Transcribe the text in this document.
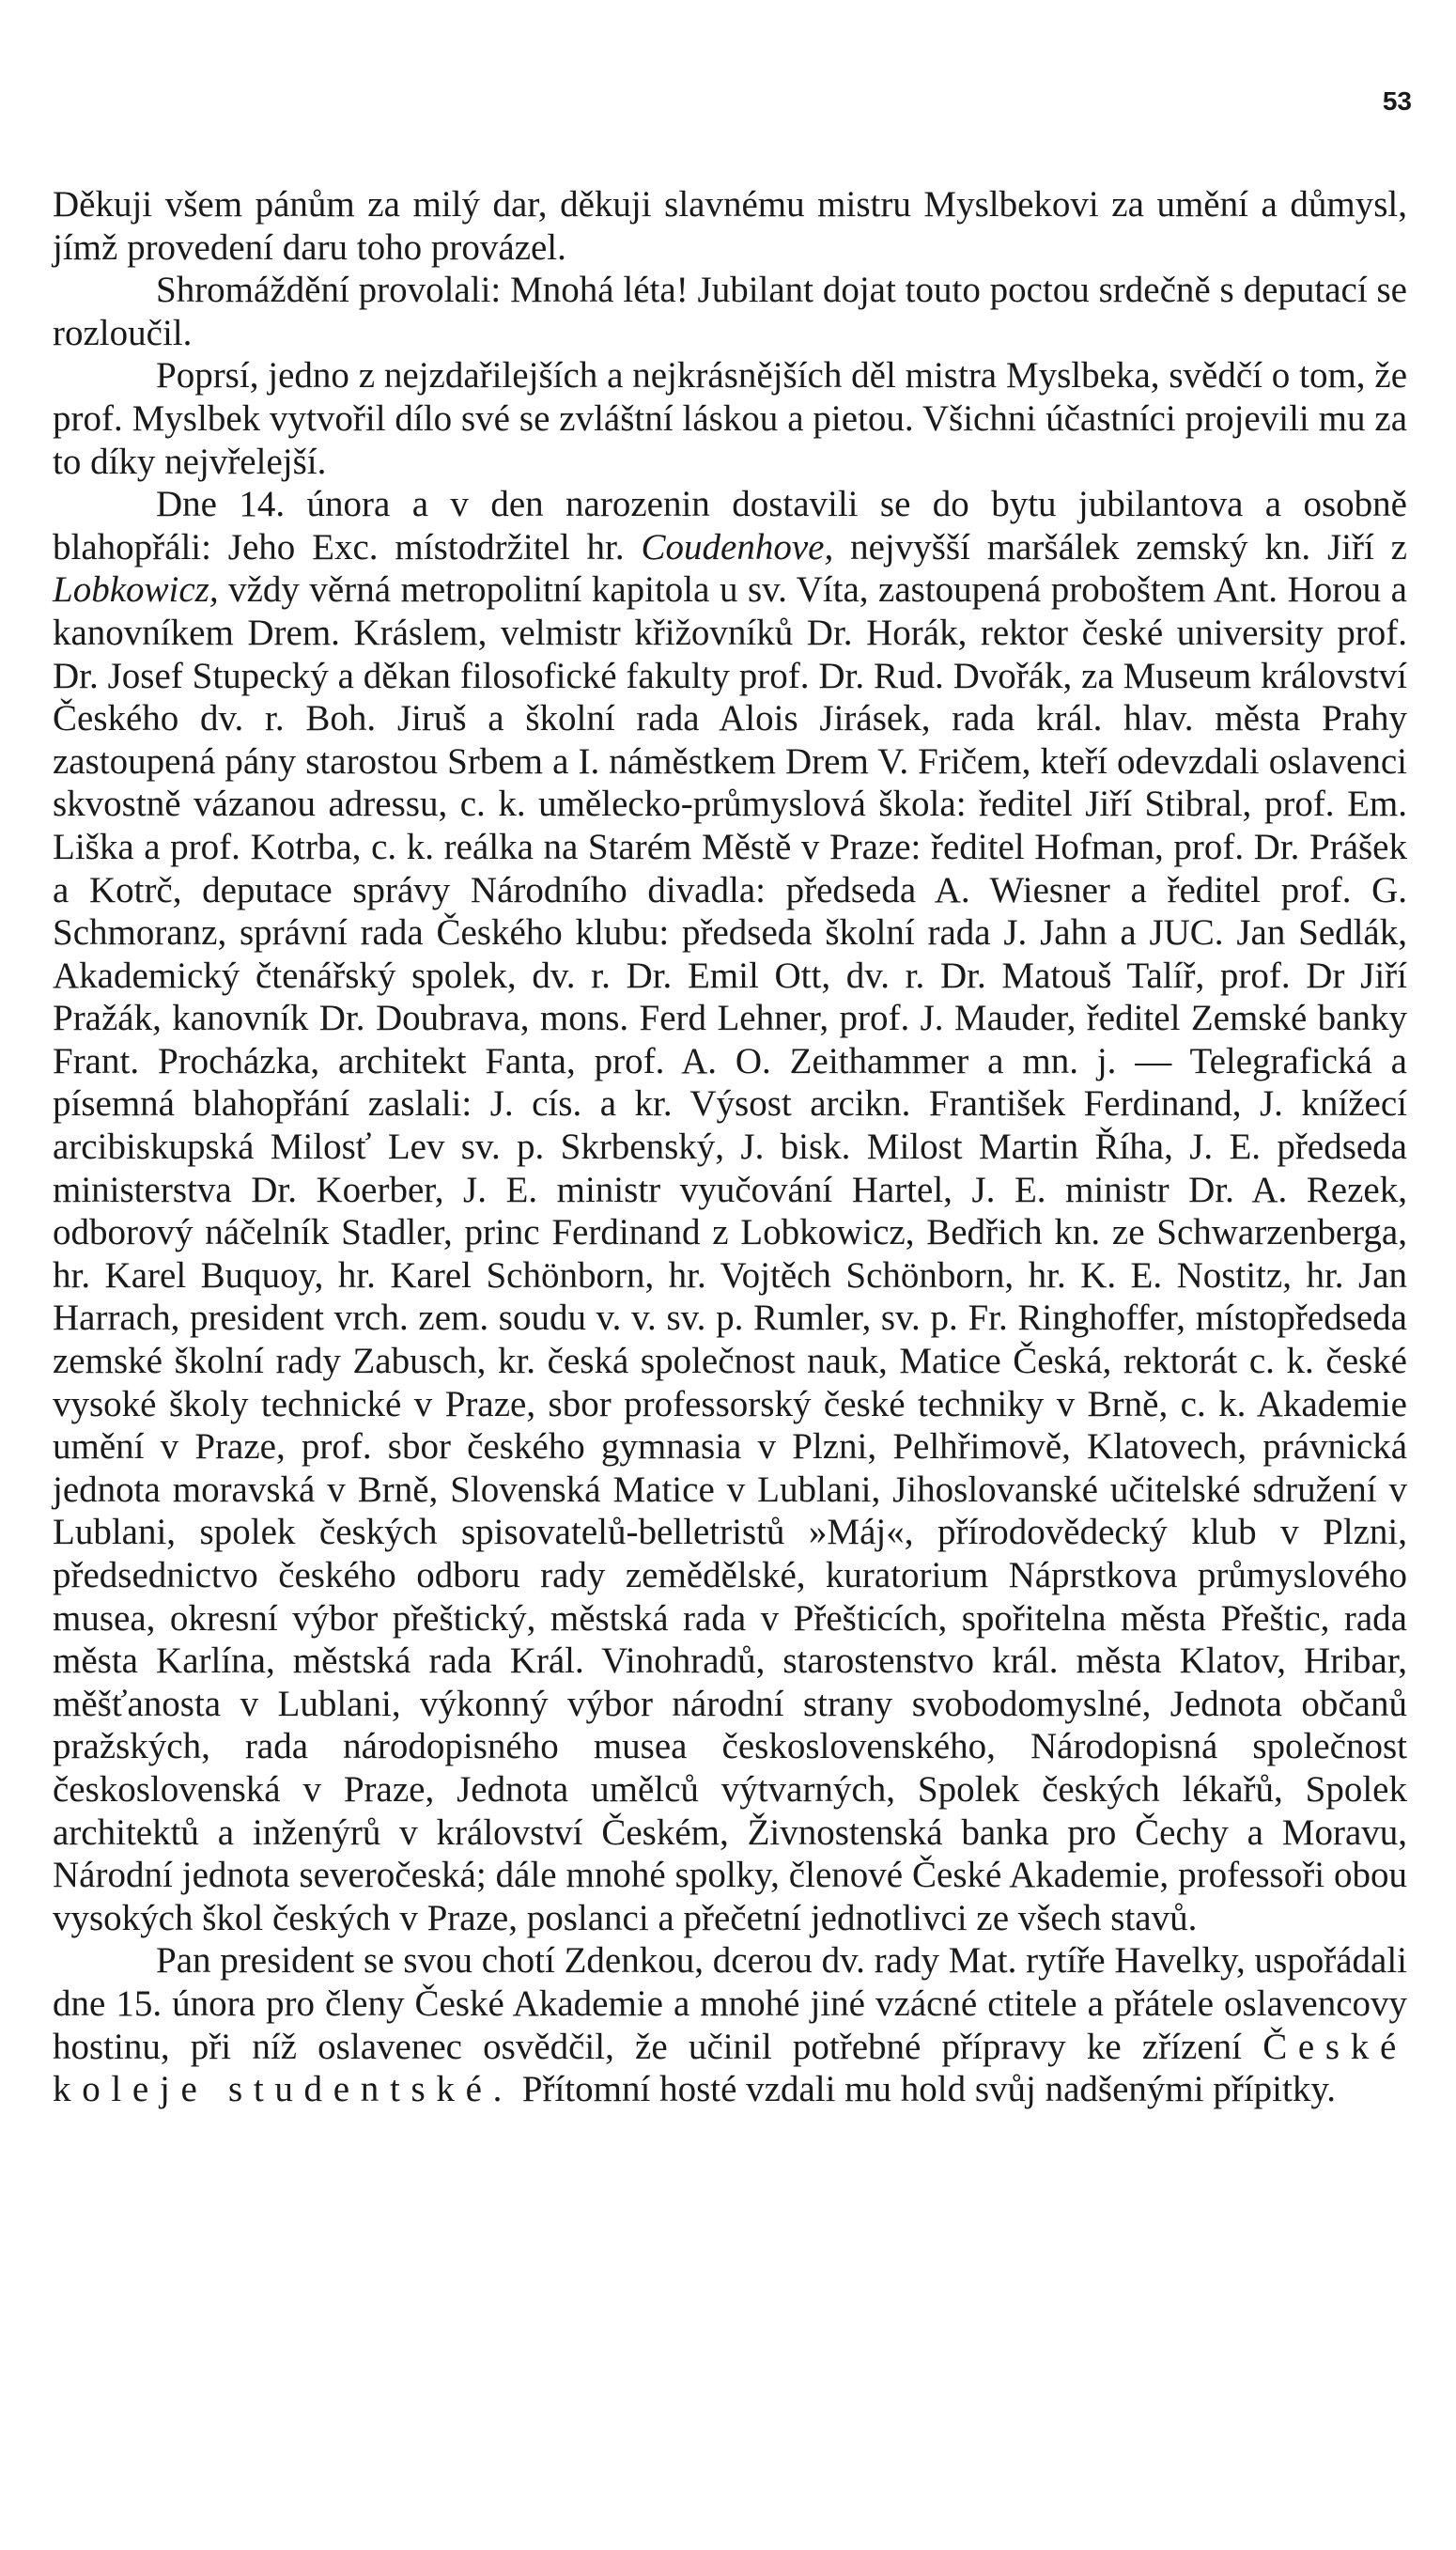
53

Děkuji všem pánům za milý dar, děkuji slavnému mistru Myslbekovi za umění a důmysl, jímž provedení daru toho provázel.

Shromáždění provolali: Mnohá léta! Jubilant dojat touto poctou srdečně s deputací se rozloučil.

Poprsí, jedno z nejzdařilejších a nejkrásnějších děl mistra Myslbeka, svědčí o tom, že prof. Myslbek vytvořil dílo své se zvláštní láskou a pietou. Všichni účastníci projevili mu za to díky nejvřelejší.

Dne 14. února a v den narozenin dostavili se do bytu jubilantova a osobně blahopřáli: Jeho Exc. místodržitel hr. Coudenhove, nejvyšší maršálek zemský kn. Jiří z Lobkowicz, vždy věrná metropolitní kapitola u sv. Víta, zastoupená proboštem Ant. Horou a kanovníkem Drem. Kráslem, velmistr křižovníků Dr. Horák, rektor české university prof. Dr. Josef Stupecký a děkan filosofické fakulty prof. Dr. Rud. Dvořák, za Museum království Českého dv. r. Boh. Jiruš a školní rada Alois Jirásek, rada král. hlav. města Prahy zastoupená pány starostou Srbem a I. náměstkem Drem V. Fričem, kteří odevzdali oslavenci skvostně vázanou adressu, c. k. umělecko-průmyslová škola: ředitel Jiří Stibral, prof. Em. Liška a prof. Kotrba, c. k. reálka na Starém Městě v Praze: ředitel Hofman, prof. Dr. Prášek a Kotrč, deputace správy Národního divadla: předseda A. Wiesner a ředitel prof. G. Schmoranz, správní rada Českého klubu: předseda školní rada J. Jahn a JUC. Jan Sedlák, Akademický čtenářský spolek, dv. r. Dr. Emil Ott, dv. r. Dr. Matouš Talíř, prof. Dr Jiří Pražák, kanovník Dr. Doubrava, mons. Ferd Lehner, prof. J. Mauder, ředitel Zemské banky Frant. Procházka, architekt Fanta, prof. A. O. Zeithammer a mn. j. — Telegrafická a písemná blahopřání zaslali: J. cís. a kr. Výsost arcikn. František Ferdinand, J. knížecí arcibiskupská Milosť Lev sv. p. Skrbenský, J. bisk. Milost Martin Říha, J. E. předseda ministerstva Dr. Koerber, J. E. ministr vyučování Hartel, J. E. ministr Dr. A. Rezek, odborový náčelník Stadler, princ Ferdinand z Lobkowicz, Bedřich kn. ze Schwarzenberga, hr. Karel Buquoy, hr. Karel Schönborn, hr. Vojtěch Schönborn, hr. K. E. Nostitz, hr. Jan Harrach, president vrch. zem. soudu v. v. sv. p. Rumler, sv. p. Fr. Ringhoffer, místopředseda zemské školní rady Zabusch, kr. česká společnost nauk, Matice Česká, rektorát c. k. české vysoké školy technické v Praze, sbor professorský české techniky v Brně, c. k. Akademie umění v Praze, prof. sbor českého gymnasia v Plzni, Pelhřimově, Klatovech, právnická jednota moravská v Brně, Slovenská Matice v Lublani, Jihoslovanské učitelské sdružení v Lublani, spolek českých spisovatelů-belletristů »Máj«, přírodovědecký klub v Plzni, předsednictvo českého odboru rady zemědělské, kuratorium Náprstkova průmyslového musea, okresní výbor přeštický, městská rada v Přešticích, spořitelna města Přeštic, rada města Karlína, městská rada Král. Vinohradů, starostenstvo král. města Klatov, Hribar, měšťanosta v Lublani, výkonný výbor národní strany svobodomyslné, Jednota občanů pražských, rada národopisného musea československého, Národopisná společnost československá v Praze, Jednota umělců výtvarných, Spolek českých lékařů, Spolek architektů a inženýrů v království Českém, Živnostenská banka pro Čechy a Moravu, Národní jednota severočeská; dále mnohé spolky, členové České Akademie, professoři obou vysokých škol českých v Praze, poslanci a přečetní jednotlivci ze všech stavů.

Pan president se svou chotí Zdenkou, dcerou dv. rady Mat. rytíře Havelky, uspořádali dne 15. února pro členy České Akademie a mnohé jiné vzácné ctitele a přátele oslavencovy hostinu, při níž oslavenec osvědčil, že učinil potřebné přípravy ke zřízení České koleje studentské. Přítomní hosté vzdali mu hold svůj nadšenými přípitky.
